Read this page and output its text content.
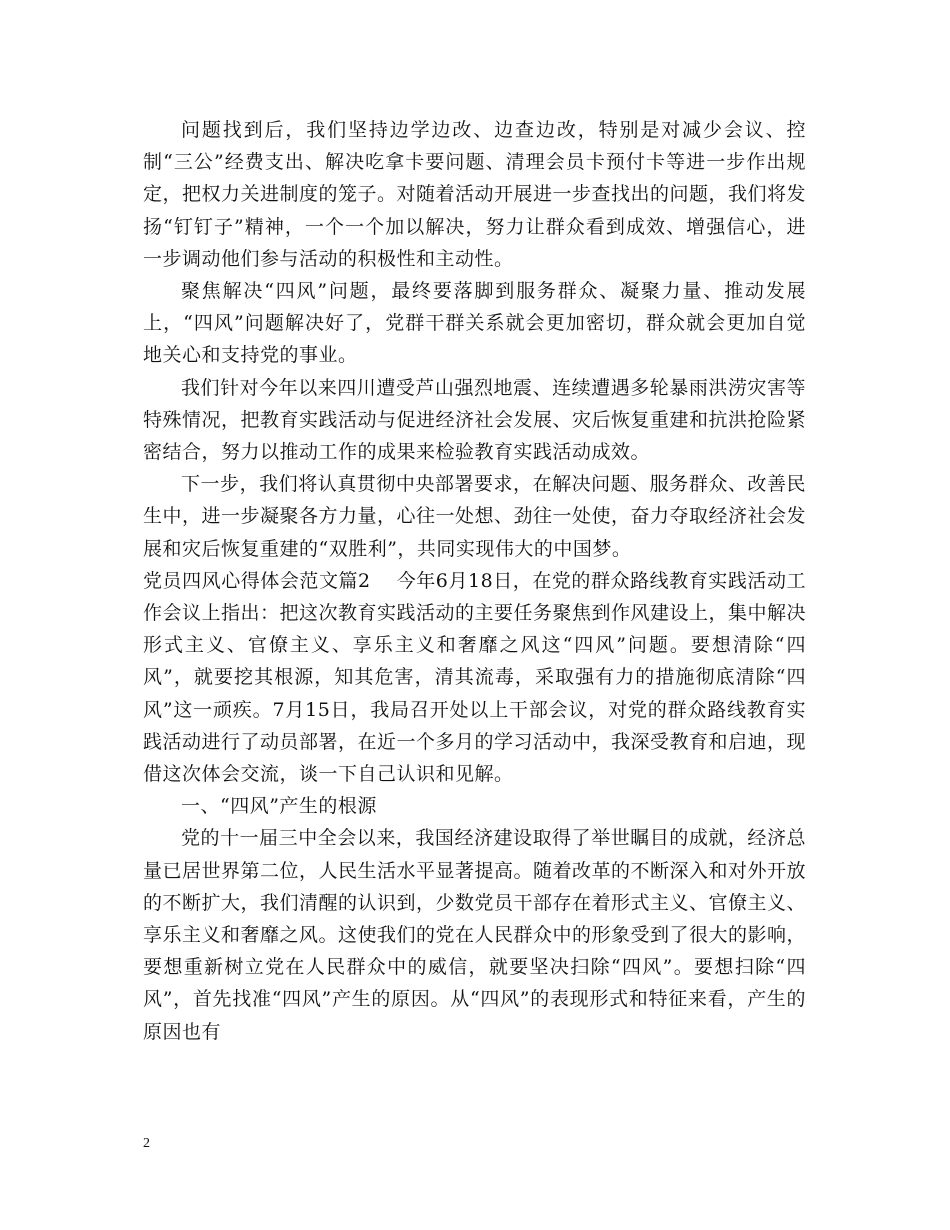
问题找到后，我们坚持边学边改、边查边改，特别是对减少会议、控制“三公”经费支出、解决吃拿卡要问题、清理会员卡预付卡等进一步作出规定，把权力关进制度的笼子。对随着活动开展进一步查找出的问题，我们将发扬“钉钉子”精神，一个一个加以解决，努力让群众看到成效、增强信心，进一步调动他们参与活动的积极性和主动性。

聚焦解决“四风”问题，最终要落脚到服务群众、凝聚力量、推动发展上，“四风”问题解决好了，党群干群关系就会更加密切，群众就会更加自觉地关心和支持党的事业。

我们针对今年以来四川遭受芦山强烈地震、连续遭遇多轮暴雨洪涝灾害等特殊情况，把教育实践活动与促进经济社会发展、灾后恢复重建和抗洪抢险紧密结合，努力以推动工作的成果来检验教育实践活动成效。

下一步，我们将认真贯彻中央部署要求，在解决问题、服务群众、改善民生中，进一步凝聚各方力量，心往一处想、劲往一处使，奋力夺取经济社会发展和灾后恢复重建的“双胜利”，共同实现伟大的中国梦。

党员四风心得体会范文篇2 今年6月18日，在党的群众路线教育实践活动工作会议上指出：把这次教育实践活动的主要任务聚焦到作风建设上，集中解决形式主义、官僚主义、享乐主义和奢靡之风这“四风”问题。要想清除“四风”，就要挖其根源，知其危害，清其流毒，采取强有力的措施彻底清除“四风”这一顽疾。7月15日，我局召开处以上干部会议，对党的群众路线教育实践活动进行了动员部署，在近一个多月的学习活动中，我深受教育和启迪，现借这次体会交流，谈一下自己认识和见解。

一、“四风”产生的根源

党的十一届三中全会以来，我国经济建设取得了举世瞩目的成就，经济总量已居世界第二位，人民生活水平显著提高。随着改革的不断深入和对外开放的不断扩大，我们清醒的认识到，少数党员干部存在着形式主义、官僚主义、享乐主义和奢靡之风。这使我们的党在人民群众中的形象受到了很大的影响，要想重新树立党在人民群众中的威信，就要坚决扫除“四风”。要想扫除“四风”，首先找准“四风”产生的原因。从“四风”的表现形式和特征来看，产生的原因也有

2
